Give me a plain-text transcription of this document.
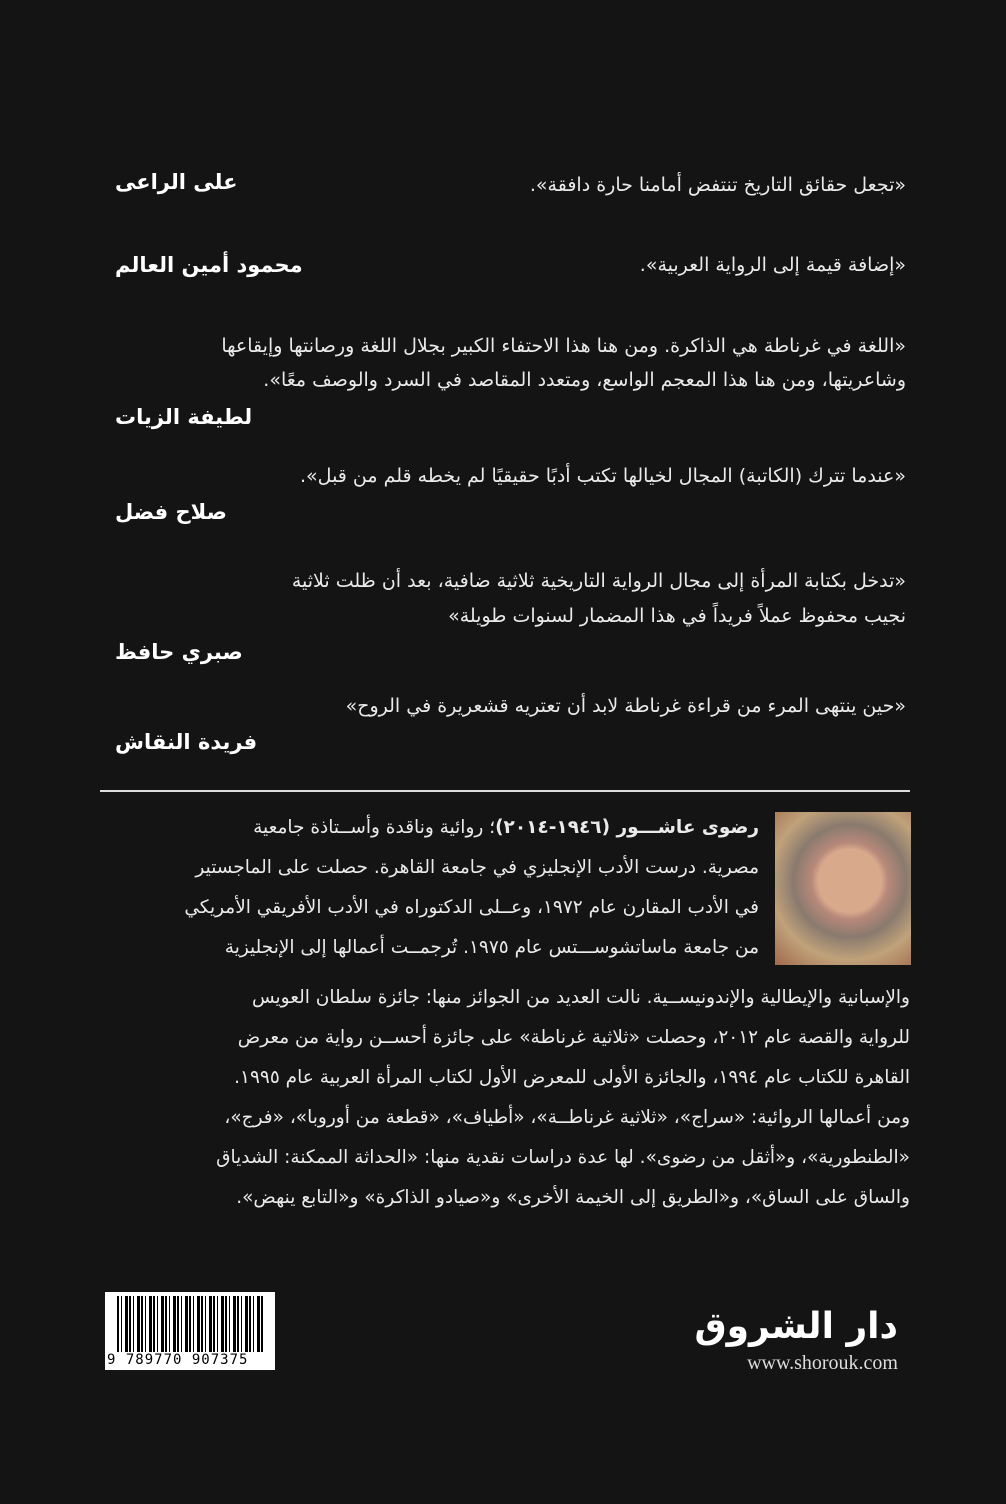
«تجعل حقائق التاريخ تنتفض أمامنا حارة دافقة».
على الراعى
«إضافة قيمة إلى الرواية العربية».
محمود أمين العالم
«اللغة في غرناطة هي الذاكرة. ومن هنا هذا الاحتفاء الكبير بجلال اللغة ورصانتها وإيقاعها
وشاعريتها، ومن هنا هذا المعجم الواسع، ومتعدد المقاصد في السرد والوصف معًا».
لطيفة الزيات
«عندما تترك (الكاتبة) المجال لخيالها تكتب أدبًا حقيقيًا لم يخطه قلم من قبل».
صلاح فضل
«تدخل بكتابة المرأة إلى مجال الرواية التاريخية ثلاثية ضافية، بعد أن ظلت ثلاثية
نجيب محفوظ عملاً فريداً في هذا المضمار لسنوات طويلة»
صبري حافظ
«حين ينتهى المرء من قراءة غرناطة لابد أن تعتريه قشعريرة في الروح»
فريدة النقاش
رضوى عاشـــور (١٩٤٦-٢٠١٤)؛ روائية وناقدة وأســتاذة جامعية
مصرية. درست الأدب الإنجليزي في جامعة القاهرة. حصلت على الماجستير
في الأدب المقارن عام ١٩٧٢، وعــلى الدكتوراه في الأدب الأفريقي الأمريكي
من جامعة ماساتشوســـتس عام ١٩٧٥. تُرجمــت أعمالها إلى الإنجليزية
والإسبانية والإيطالية والإندونيســية. نالت العديد من الجوائز منها: جائزة سلطان العويس
للرواية والقصة عام ٢٠١٢، وحصلت «ثلاثية غرناطة» على جائزة أحســن رواية من معرض
القاهرة للكتاب عام ١٩٩٤، والجائزة الأولى للمعرض الأول لكتاب المرأة العربية عام ١٩٩٥.
ومن أعمالها الروائية: «سراج»، «ثلاثية غرناطــة»، «أطياف»، «قطعة من أوروبا»، «فرج»،
«الطنطورية»، و«أثقل من رضوى». لها عدة دراسات نقدية منها: «الحداثة الممكنة: الشدياق
والساق على الساق»، و«الطريق إلى الخيمة الأخرى» و«صيادو الذاكرة» و«التابع ينهض».
9 789770 907375
دار الشروق
www.shorouk.com
